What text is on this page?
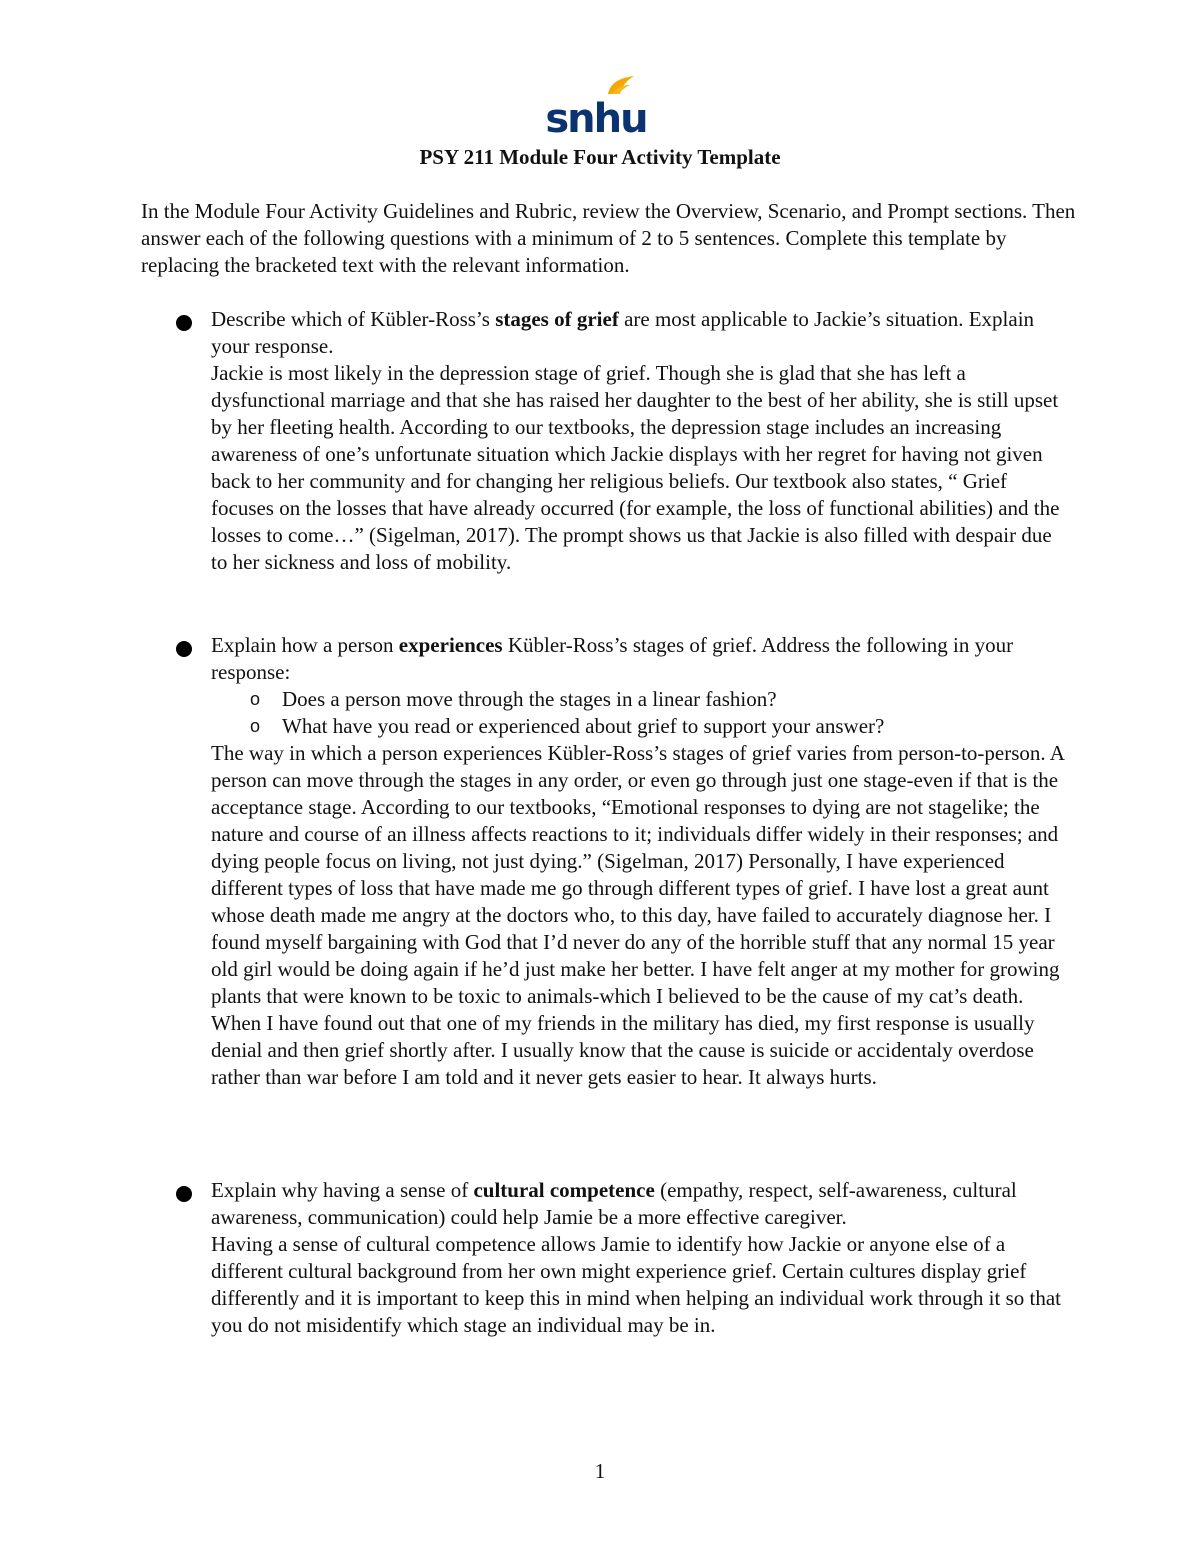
snhu
PSY 211 Module Four Activity Template
In the Module Four Activity Guidelines and Rubric, review the Overview, Scenario, and Prompt sections. Then answer each of the following questions with a minimum of 2 to 5 sentences. Complete this template by replacing the bracketed text with the relevant information.

Describe which of Kübler-Ross’s stages of grief are most applicable to Jackie’s situation. Explain your response.

Jackie is most likely in the depression stage of grief. Though she is glad that she has left a dysfunctional marriage and that she has raised her daughter to the best of her ability, she is still upset by her fleeting health. According to our textbooks, the depression stage includes an increasing awareness of one’s unfortunate situation which Jackie displays with her regret for having not given back to her community and for changing her religious beliefs. Our textbook also states, “ Grief focuses on the losses that have already occurred (for example, the loss of functional abilities) and the losses to come…” (Sigelman, 2017). The prompt shows us that Jackie is also filled with despair due to her sickness and loss of mobility.

Explain how a person experiences Kübler-Ross’s stages of grief. Address the following in your response:

o Does a person move through the stages in a linear fashion?
o What have you read or experienced about grief to support your answer?

The way in which a person experiences Kübler-Ross’s stages of grief varies from person-to-person. A person can move through the stages in any order, or even go through just one stage-even if that is the acceptance stage. According to our textbooks, “Emotional responses to dying are not stagelike; the nature and course of an illness affects reactions to it; individuals differ widely in their responses; and dying people focus on living, not just dying.” (Sigelman, 2017) Personally, I have experienced different types of loss that have made me go through different types of grief. I have lost a great aunt whose death made me angry at the doctors who, to this day, have failed to accurately diagnose her. I found myself bargaining with God that I’d never do any of the horrible stuff that any normal 15 year old girl would be doing again if he’d just make her better. I have felt anger at my mother for growing plants that were known to be toxic to animals-which I believed to be the cause of my cat’s death. When I have found out that one of my friends in the military has died, my first response is usually denial and then grief shortly after. I usually know that the cause is suicide or accidentaly overdose rather than war before I am told and it never gets easier to hear. It always hurts.

Explain why having a sense of cultural competence (empathy, respect, self-awareness, cultural awareness, communication) could help Jamie be a more effective caregiver.

Having a sense of cultural competence allows Jamie to identify how Jackie or anyone else of a different cultural background from her own might experience grief. Certain cultures display grief differently and it is important to keep this in mind when helping an individual work through it so that you do not misidentify which stage an individual may be in.

1
